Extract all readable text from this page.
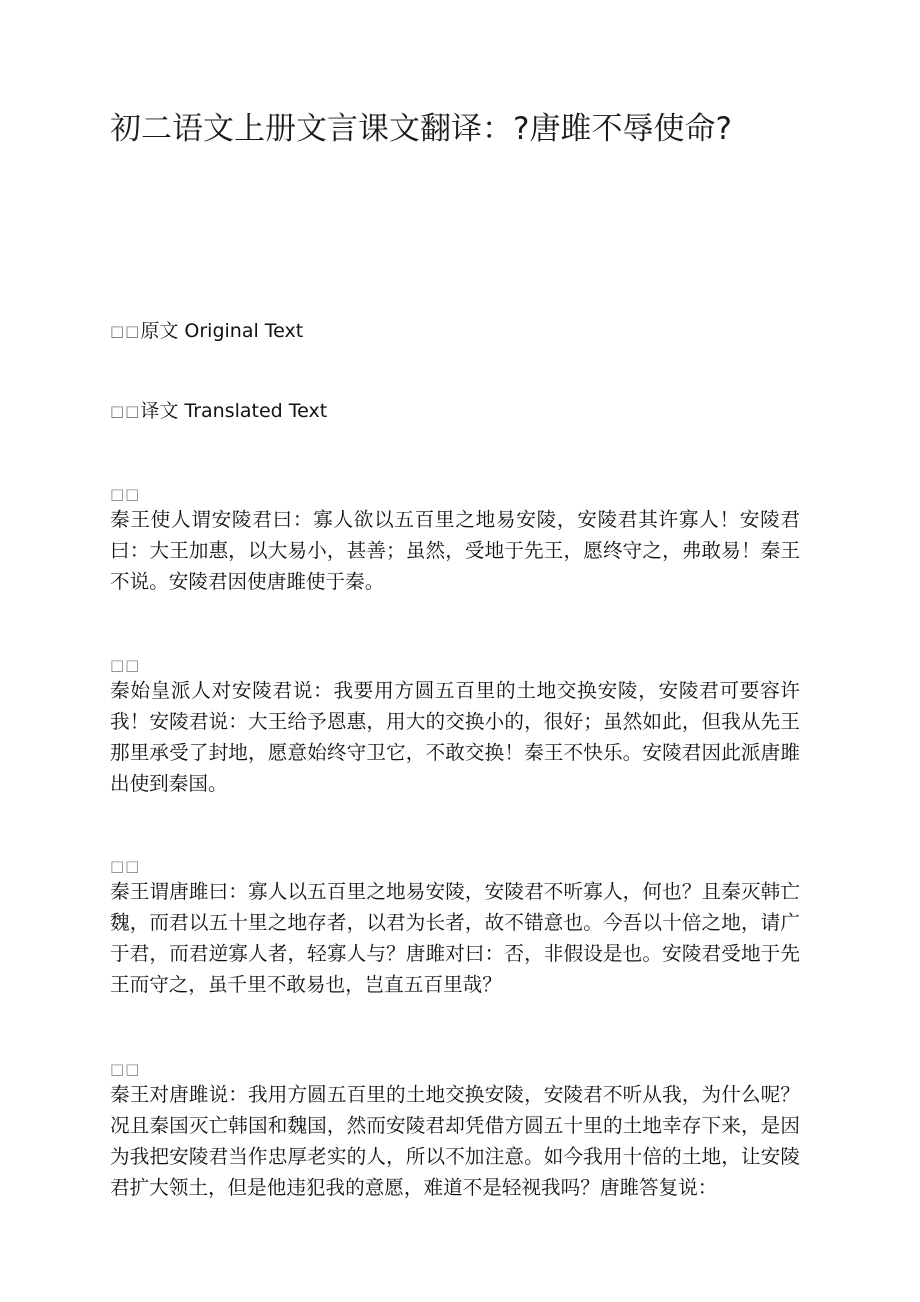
初二语文上册文言课文翻译：?唐雎不辱使命?
□□原文 Original Text
□□译文 Translated Text
□□

秦王使人谓安陵君曰：寡人欲以五百里之地易安陵，安陵君其许寡人！安陵君曰：大王加惠，以大易小，甚善；虽然，受地于先王，愿终守之，弗敢易！秦王不说。安陵君因使唐雎使于秦。

□□

秦始皇派人对安陵君说：我要用方圆五百里的土地交换安陵，安陵君可要容许我！安陵君说：大王给予恩惠，用大的交换小的，很好；虽然如此，但我从先王那里承受了封地，愿意始终守卫它，不敢交换！秦王不快乐。安陵君因此派唐雎出使到秦国。

□□

秦王谓唐雎曰：寡人以五百里之地易安陵，安陵君不听寡人，何也？且秦灭韩亡魏，而君以五十里之地存者，以君为长者，故不错意也。今吾以十倍之地，请广于君，而君逆寡人者，轻寡人与？唐雎对曰：否，非假设是也。安陵君受地于先王而守之，虽千里不敢易也，岂直五百里哉？

□□

秦王对唐雎说：我用方圆五百里的土地交换安陵，安陵君不听从我，为什么呢？况且秦国灭亡韩国和魏国，然而安陵君却凭借方圆五十里的土地幸存下来，是因为我把安陵君当作忠厚老实的人，所以不加注意。如今我用十倍的土地，让安陵君扩大领土，但是他违犯我的意愿，难道不是轻视我吗？唐雎答复说：
